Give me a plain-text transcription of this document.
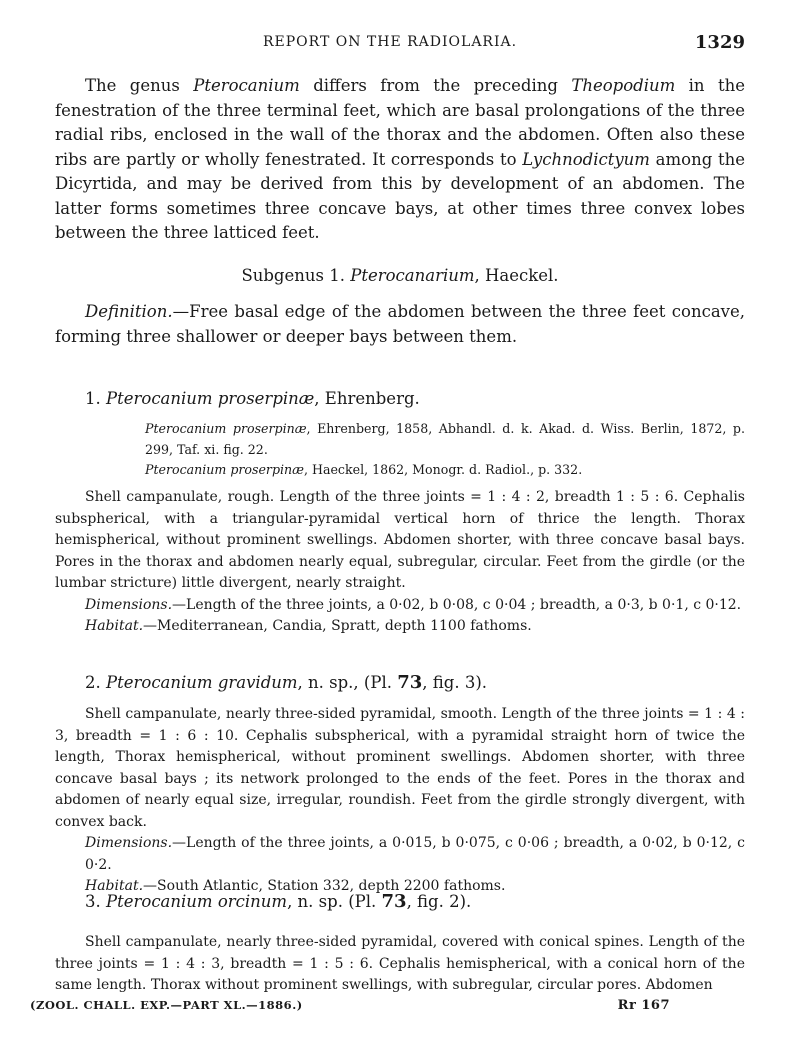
REPORT ON THE RADIOLARIA.	1329

The genus Pterocanium differs from the preceding Theopodium in the fenestration of the three terminal feet, which are basal prolongations of the three radial ribs, enclosed in the wall of the thorax and the abdomen. Often also these ribs are partly or wholly fenestrated. It corresponds to Lychnodictyum among the Dicyrtida, and may be derived from this by development of an abdomen. The latter forms sometimes three concave bays, at other times three convex lobes between the three latticed feet.

Subgenus 1. Pterocanarium, Haeckel.

Definition.—Free basal edge of the abdomen between the three feet concave, forming three shallower or deeper bays between them.

1. Pterocanium proserpinæ, Ehrenberg.

Pterocanium proserpinæ, Ehrenberg, 1858, Abhandl. d. k. Akad. d. Wiss. Berlin, 1872, p. 299, Taf. xi. fig. 22.

Pterocanium proserpinæ, Haeckel, 1862, Monogr. d. Radiol., p. 332.

Shell campanulate, rough. Length of the three joints = 1 : 4 : 2, breadth 1 : 5 : 6. Cephalis subspherical, with a triangular-pyramidal vertical horn of thrice the length. Thorax hemispherical, without prominent swellings. Abdomen shorter, with three concave basal bays. Pores in the thorax and abdomen nearly equal, subregular, circular. Feet from the girdle (or the lumbar stricture) little divergent, nearly straight.

Dimensions.—Length of the three joints, a 0·02, b 0·08, c 0·04 ; breadth, a 0·3, b 0·1, c 0·12.

Habitat.—Mediterranean, Candia, Spratt, depth 1100 fathoms.

2. Pterocanium gravidum, n. sp., (Pl. 73, fig. 3).

Shell campanulate, nearly three-sided pyramidal, smooth. Length of the three joints = 1 : 4 : 3, breadth = 1 : 6 : 10. Cephalis subspherical, with a pyramidal straight horn of twice the length, Thorax hemispherical, without prominent swellings. Abdomen shorter, with three concave basal bays ; its network prolonged to the ends of the feet. Pores in the thorax and abdomen of nearly equal size, irregular, roundish. Feet from the girdle strongly divergent, with convex back.

Dimensions.—Length of the three joints, a 0·015, b 0·075, c 0·06 ; breadth, a 0·02, b 0·12, c 0·2.

Habitat.—South Atlantic, Station 332, depth 2200 fathoms.

3. Pterocanium orcinum, n. sp. (Pl. 73, fig. 2).

Shell campanulate, nearly three-sided pyramidal, covered with conical spines. Length of the three joints = 1 : 4 : 3, breadth = 1 : 5 : 6. Cephalis hemispherical, with a conical horn of the same length. Thorax without prominent swellings, with subregular, circular pores. Abdomen

(ZOOL. CHALL. EXP.—PART XL.—1886.)	Rr 167
